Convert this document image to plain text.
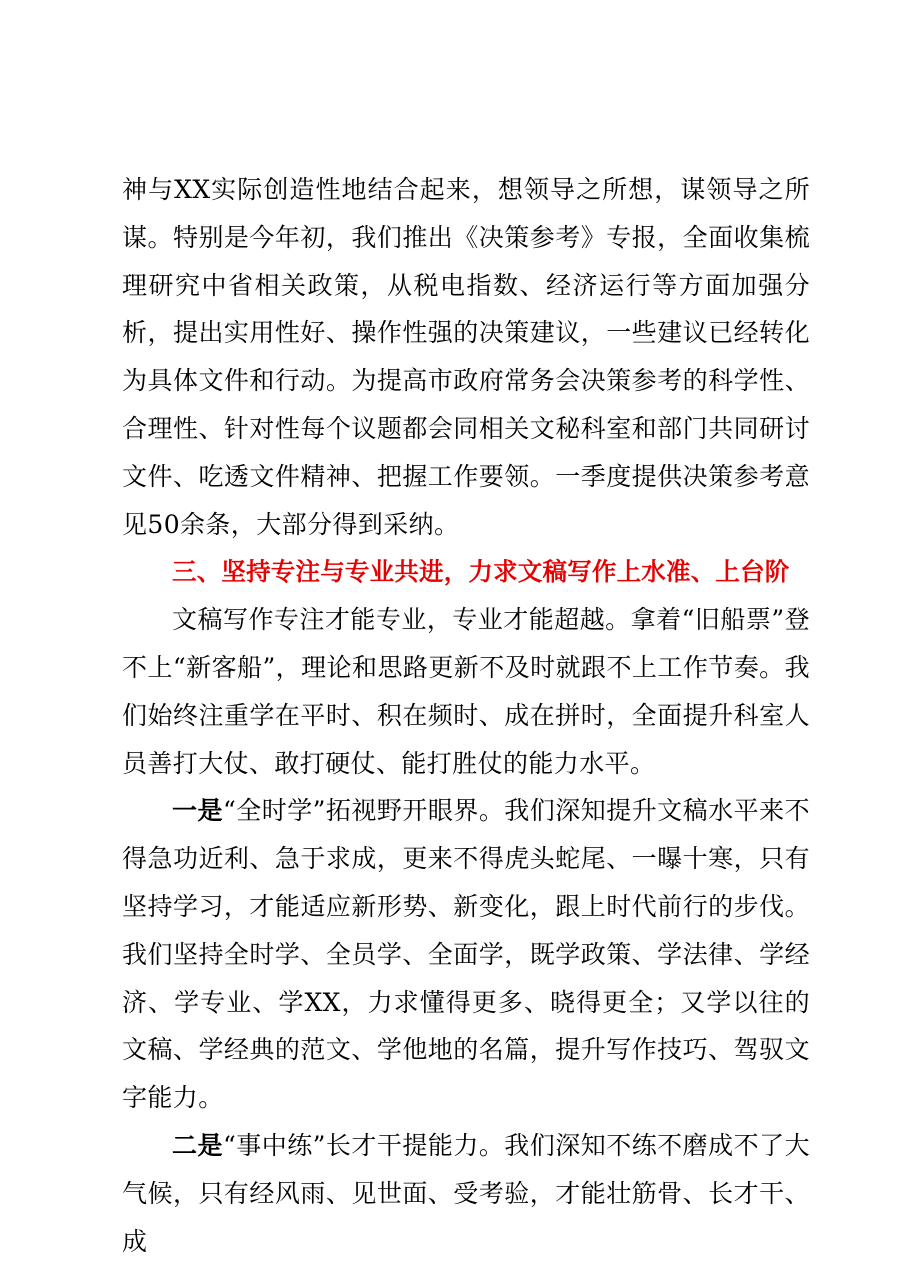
神与XX实际创造性地结合起来，想领导之所想，谋领导之所谋。特别是今年初，我们推出《决策参考》专报，全面收集梳理研究中省相关政策，从税电指数、经济运行等方面加强分析，提出实用性好、操作性强的决策建议，一些建议已经转化为具体文件和行动。为提高市政府常务会决策参考的科学性、合理性、针对性每个议题都会同相关文秘科室和部门共同研讨文件、吃透文件精神、把握工作要领。一季度提供决策参考意见50余条，大部分得到采纳。

三、坚持专注与专业共进，力求文稿写作上水准、上台阶

文稿写作专注才能专业，专业才能超越。拿着“旧船票”登不上“新客船”，理论和思路更新不及时就跟不上工作节奏。我们始终注重学在平时、积在频时、成在拼时，全面提升科室人员善打大仗、敢打硬仗、能打胜仗的能力水平。

一是“全时学”拓视野开眼界。我们深知提升文稿水平来不得急功近利、急于求成，更来不得虎头蛇尾、一曝十寒，只有坚持学习，才能适应新形势、新变化，跟上时代前行的步伐。我们坚持全时学、全员学、全面学，既学政策、学法律、学经济、学专业、学XX，力求懂得更多、晓得更全；又学以往的文稿、学经典的范文、学他地的名篇，提升写作技巧、驾驭文字能力。

二是“事中练”长才干提能力。我们深知不练不磨成不了大气候，只有经风雨、见世面、受考验，才能壮筋骨、长才干、成
